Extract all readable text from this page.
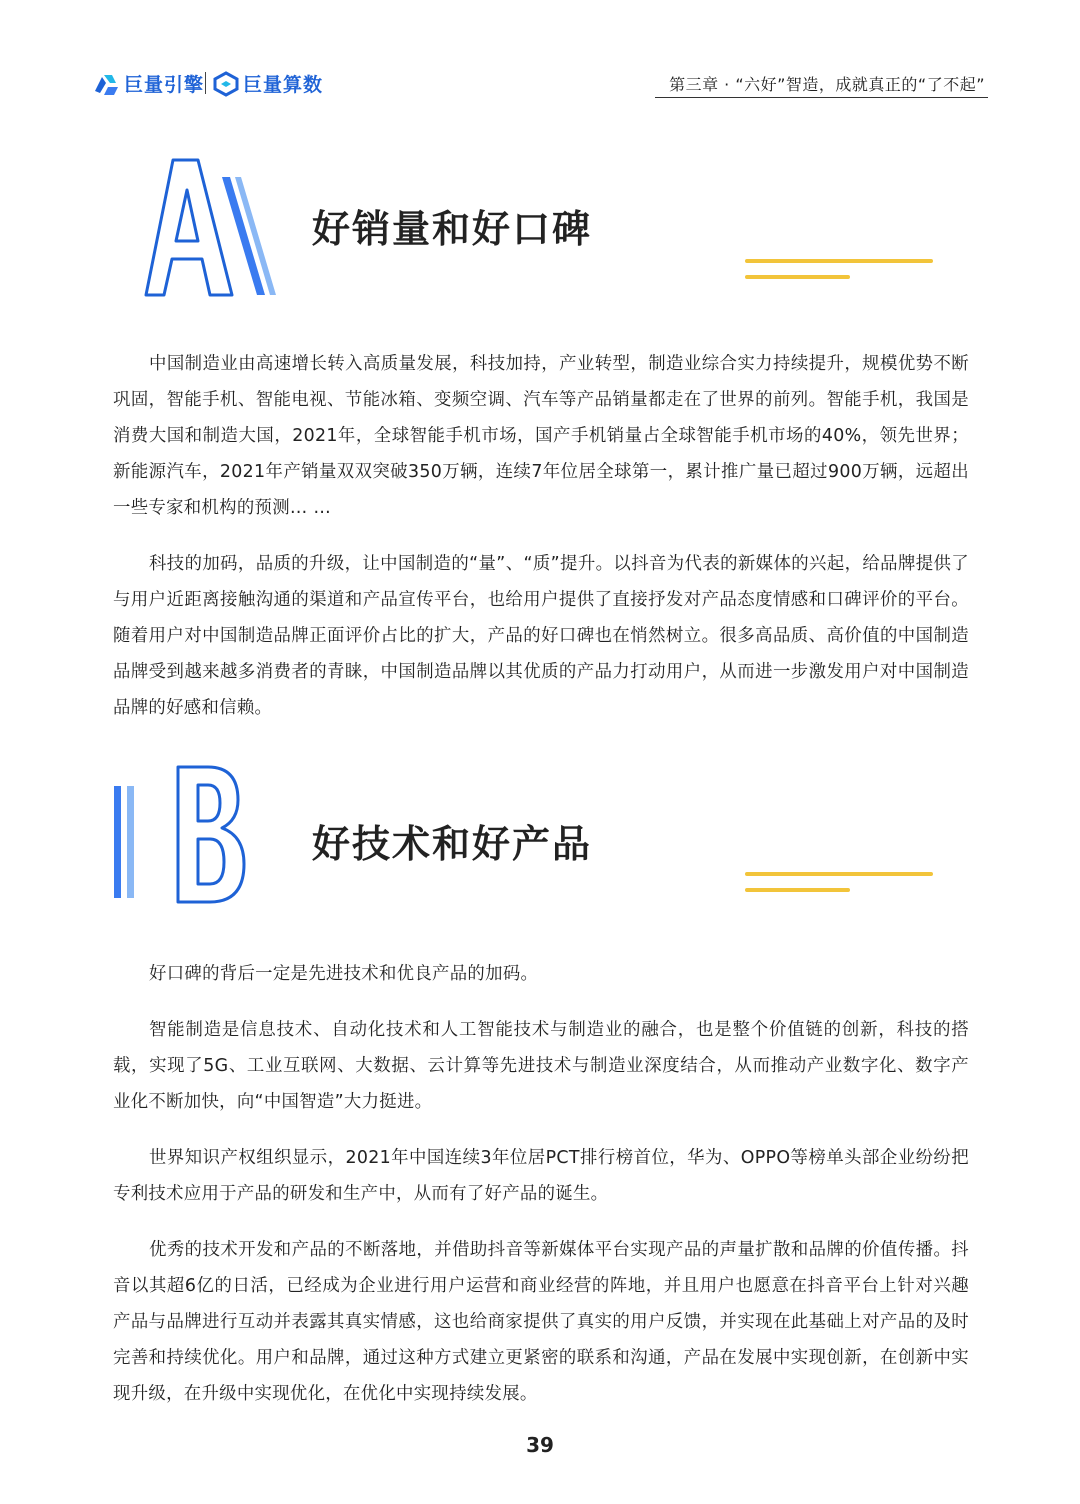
巨量引擎 巨量算数	第三章 · “六好”智造，成就真正的“了不起”
好销量和好口碑

中国制造业由高速增长转入高质量发展，科技加持，产业转型，制造业综合实力持续提升，规模优势不断巩固，智能手机、智能电视、节能冰箱、变频空调、汽车等产品销量都走在了世界的前列。智能手机，我国是消费大国和制造大国，2021年，全球智能手机市场，国产手机销量占全球智能手机市场的40%，领先世界；新能源汽车，2021年产销量双双突破350万辆，连续7年位居全球第一，累计推广量已超过900万辆，远超出一些专家和机构的预测… …

科技的加码，品质的升级，让中国制造的“量”、“质”提升。以抖音为代表的新媒体的兴起，给品牌提供了与用户近距离接触沟通的渠道和产品宣传平台，也给用户提供了直接抒发对产品态度情感和口碑评价的平台。随着用户对中国制造品牌正面评价占比的扩大，产品的好口碑也在悄然树立。很多高品质、高价值的中国制造品牌受到越来越多消费者的青睐，中国制造品牌以其优质的产品力打动用户，从而进一步激发用户对中国制造品牌的好感和信赖。

好技术和好产品

好口碑的背后一定是先进技术和优良产品的加码。

智能制造是信息技术、自动化技术和人工智能技术与制造业的融合，也是整个价值链的创新，科技的搭载，实现了5G、工业互联网、大数据、云计算等先进技术与制造业深度结合，从而推动产业数字化、数字产业化不断加快，向“中国智造”大力挺进。

世界知识产权组织显示，2021年中国连续3年位居PCT排行榜首位，华为、OPPO等榜单头部企业纷纷把专利技术应用于产品的研发和生产中，从而有了好产品的诞生。

优秀的技术开发和产品的不断落地，并借助抖音等新媒体平台实现产品的声量扩散和品牌的价值传播。抖音以其超6亿的日活，已经成为企业进行用户运营和商业经营的阵地，并且用户也愿意在抖音平台上针对兴趣产品与品牌进行互动并表露其真实情感，这也给商家提供了真实的用户反馈，并实现在此基础上对产品的及时完善和持续优化。用户和品牌，通过这种方式建立更紧密的联系和沟通，产品在发展中实现创新，在创新中实现升级，在升级中实现优化，在优化中实现持续发展。

39
